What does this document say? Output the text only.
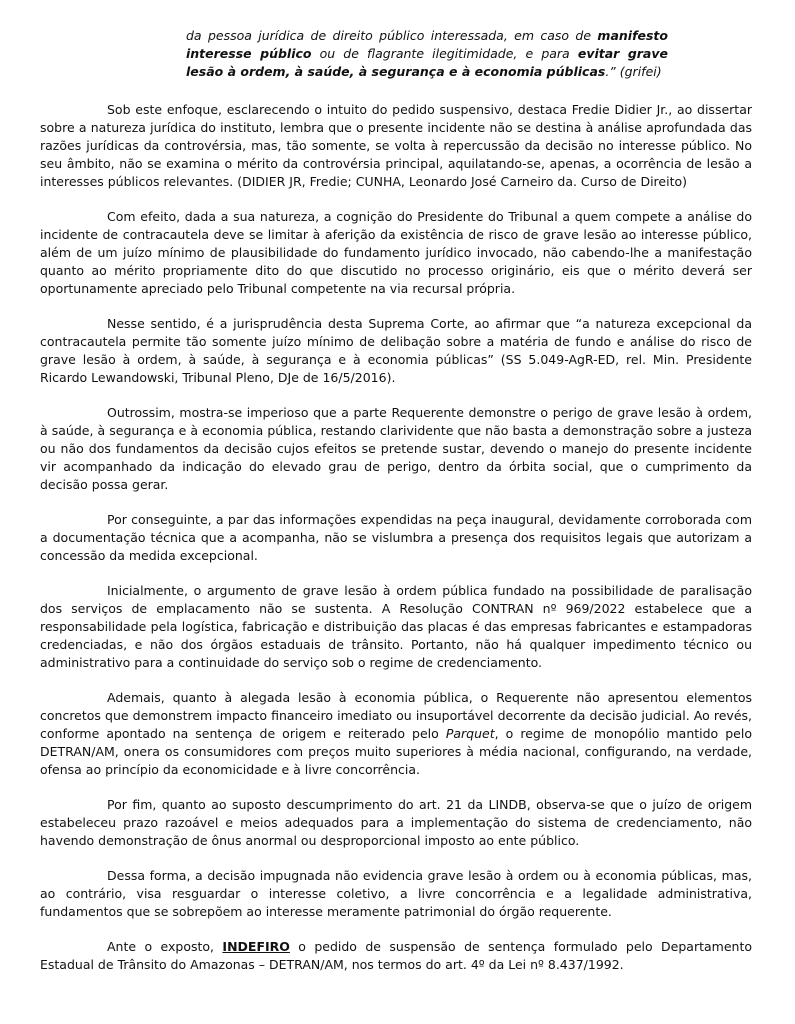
da pessoa jurídica de direito público interessada, em caso de manifesto interesse público ou de flagrante ilegitimidade, e para evitar grave lesão à ordem, à saúde, à segurança e à economia públicas.” (grifei)

Sob este enfoque, esclarecendo o intuito do pedido suspensivo, destaca Fredie Didier Jr., ao dissertar sobre a natureza jurídica do instituto, lembra que o presente incidente não se destina à análise aprofundada das razões jurídicas da controvérsia, mas, tão somente, se volta à repercussão da decisão no interesse público. No seu âmbito, não se examina o mérito da controvérsia principal, aquilatando-se, apenas, a ocorrência de lesão a interesses públicos relevantes. (DIDIER JR, Fredie; CUNHA, Leonardo José Carneiro da. Curso de Direito)

Com efeito, dada a sua natureza, a cognição do Presidente do Tribunal a quem compete a análise do incidente de contracautela deve se limitar à aferição da existência de risco de grave lesão ao interesse público, além de um juízo mínimo de plausibilidade do fundamento jurídico invocado, não cabendo-lhe a manifestação quanto ao mérito propriamente dito do que discutido no processo originário, eis que o mérito deverá ser oportunamente apreciado pelo Tribunal competente na via recursal própria.

Nesse sentido, é a jurisprudência desta Suprema Corte, ao afirmar que “a natureza excepcional da contracautela permite tão somente juízo mínimo de delibação sobre a matéria de fundo e análise do risco de grave lesão à ordem, à saúde, à segurança e à economia públicas” (SS 5.049-AgR-ED, rel. Min. Presidente Ricardo Lewandowski, Tribunal Pleno, DJe de 16/5/2016).

Outrossim, mostra-se imperioso que a parte Requerente demonstre o perigo de grave lesão à ordem, à saúde, à segurança e à economia pública, restando clarividente que não basta a demonstração sobre a justeza ou não dos fundamentos da decisão cujos efeitos se pretende sustar, devendo o manejo do presente incidente vir acompanhado da indicação do elevado grau de perigo, dentro da órbita social, que o cumprimento da decisão possa gerar.

Por conseguinte, a par das informações expendidas na peça inaugural, devidamente corroborada com a documentação técnica que a acompanha, não se vislumbra a presença dos requisitos legais que autorizam a concessão da medida excepcional.

Inicialmente, o argumento de grave lesão à ordem pública fundado na possibilidade de paralisação dos serviços de emplacamento não se sustenta. A Resolução CONTRAN nº 969/2022 estabelece que a responsabilidade pela logística, fabricação e distribuição das placas é das empresas fabricantes e estampadoras credenciadas, e não dos órgãos estaduais de trânsito. Portanto, não há qualquer impedimento técnico ou administrativo para a continuidade do serviço sob o regime de credenciamento.

Ademais, quanto à alegada lesão à economia pública, o Requerente não apresentou elementos concretos que demonstrem impacto financeiro imediato ou insuportável decorrente da decisão judicial. Ao revés, conforme apontado na sentença de origem e reiterado pelo Parquet, o regime de monopólio mantido pelo DETRAN/AM, onera os consumidores com preços muito superiores à média nacional, configurando, na verdade, ofensa ao princípio da economicidade e à livre concorrência.

Por fim, quanto ao suposto descumprimento do art. 21 da LINDB, observa-se que o juízo de origem estabeleceu prazo razoável e meios adequados para a implementação do sistema de credenciamento, não havendo demonstração de ônus anormal ou desproporcional imposto ao ente público.

Dessa forma, a decisão impugnada não evidencia grave lesão à ordem ou à economia públicas, mas, ao contrário, visa resguardar o interesse coletivo, a livre concorrência e a legalidade administrativa, fundamentos que se sobrepõem ao interesse meramente patrimonial do órgão requerente.

Ante o exposto, INDEFIRO o pedido de suspensão de sentença formulado pelo Departamento Estadual de Trânsito do Amazonas – DETRAN/AM, nos termos do art. 4º da Lei nº 8.437/1992.
